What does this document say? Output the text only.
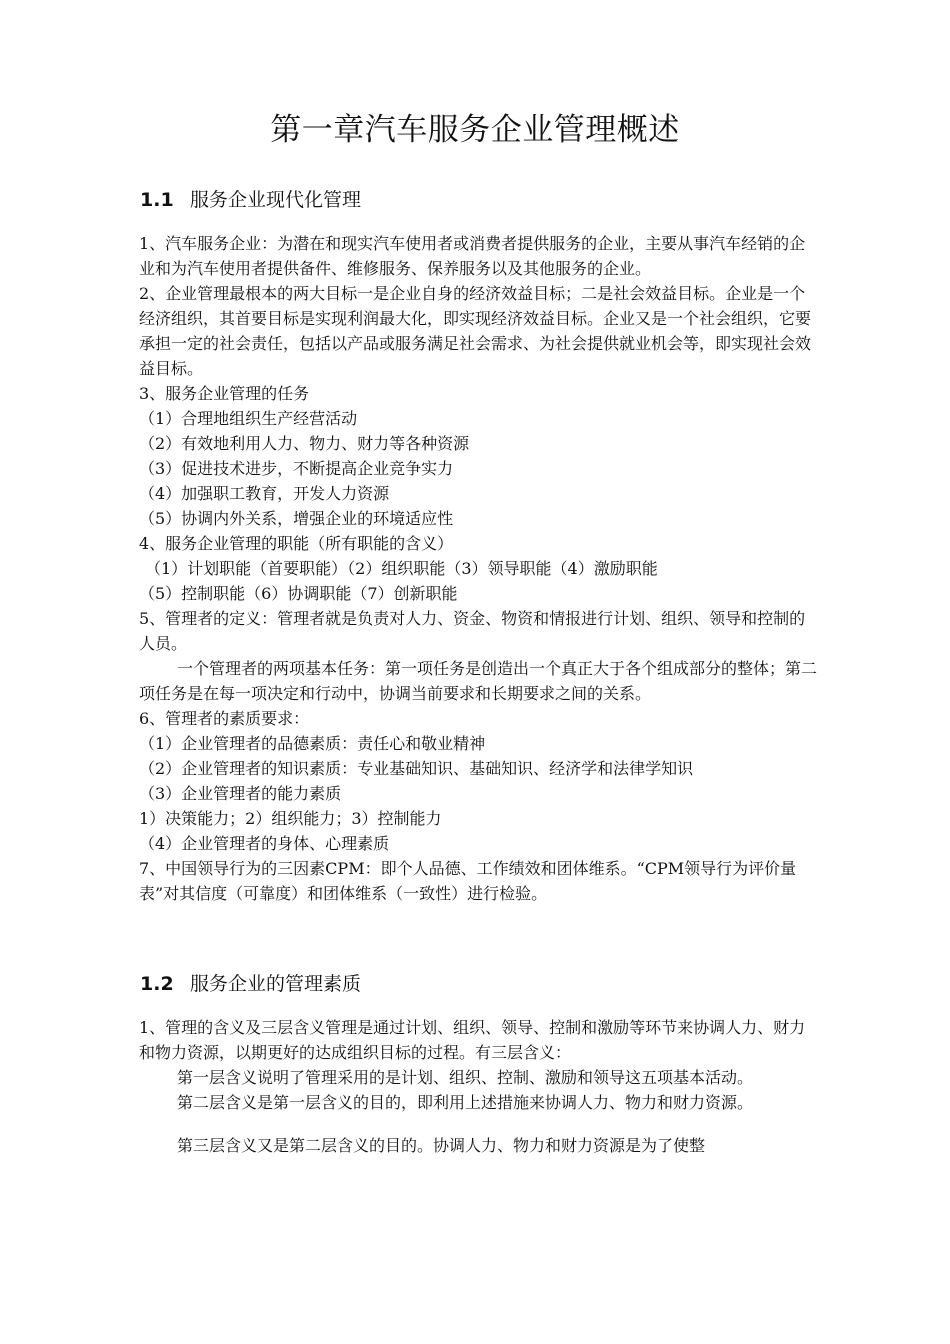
第一章汽车服务企业管理概述
1.1 服务企业现代化管理

1、汽车服务企业：为潜在和现实汽车使用者或消费者提供服务的企业，主要从事汽车经销的企业和为汽车使用者提供备件、维修服务、保养服务以及其他服务的企业。

2、企业管理最根本的两大目标一是企业自身的经济效益目标；二是社会效益目标。企业是一个经济组织，其首要目标是实现利润最大化，即实现经济效益目标。企业又是一个社会组织，它要承担一定的社会责任，包括以产品或服务满足社会需求、为社会提供就业机会等，即实现社会效益目标。

3、服务企业管理的任务

（1）合理地组织生产经营活动

（2）有效地利用人力、物力、财力等各种资源

（3）促进技术进步，不断提高企业竞争实力

（4）加强职工教育，开发人力资源

（5）协调内外关系，增强企业的环境适应性

4、服务企业管理的职能（所有职能的含义）

（1）计划职能（首要职能）（2）组织职能（3）领导职能（4）激励职能

（5）控制职能（6）协调职能（7）创新职能

5、管理者的定义：管理者就是负责对人力、资金、物资和情报进行计划、组织、领导和控制的人员。

一个管理者的两项基本任务：第一项任务是创造出一个真正大于各个组成部分的整体；第二项任务是在每一项决定和行动中，协调当前要求和长期要求之间的关系。

6、管理者的素质要求：

（1）企业管理者的品德素质：责任心和敬业精神

（2）企业管理者的知识素质：专业基础知识、基础知识、经济学和法律学知识

（3）企业管理者的能力素质

1）决策能力；2）组织能力；3）控制能力

（4）企业管理者的身体、心理素质

7、中国领导行为的三因素CPM：即个人品德、工作绩效和团体维系。“CPM领导行为评价量表”对其信度（可靠度）和团体维系（一致性）进行检验。

1.2 服务企业的管理素质

1、管理的含义及三层含义管理是通过计划、组织、领导、控制和激励等环节来协调人力、财力和物力资源，以期更好的达成组织目标的过程。有三层含义：

第一层含义说明了管理采用的是计划、组织、控制、激励和领导这五项基本活动。

第二层含义是第一层含义的目的，即利用上述措施来协调人力、物力和财力资源。

第三层含义又是第二层含义的目的。协调人力、物力和财力资源是为了使整
